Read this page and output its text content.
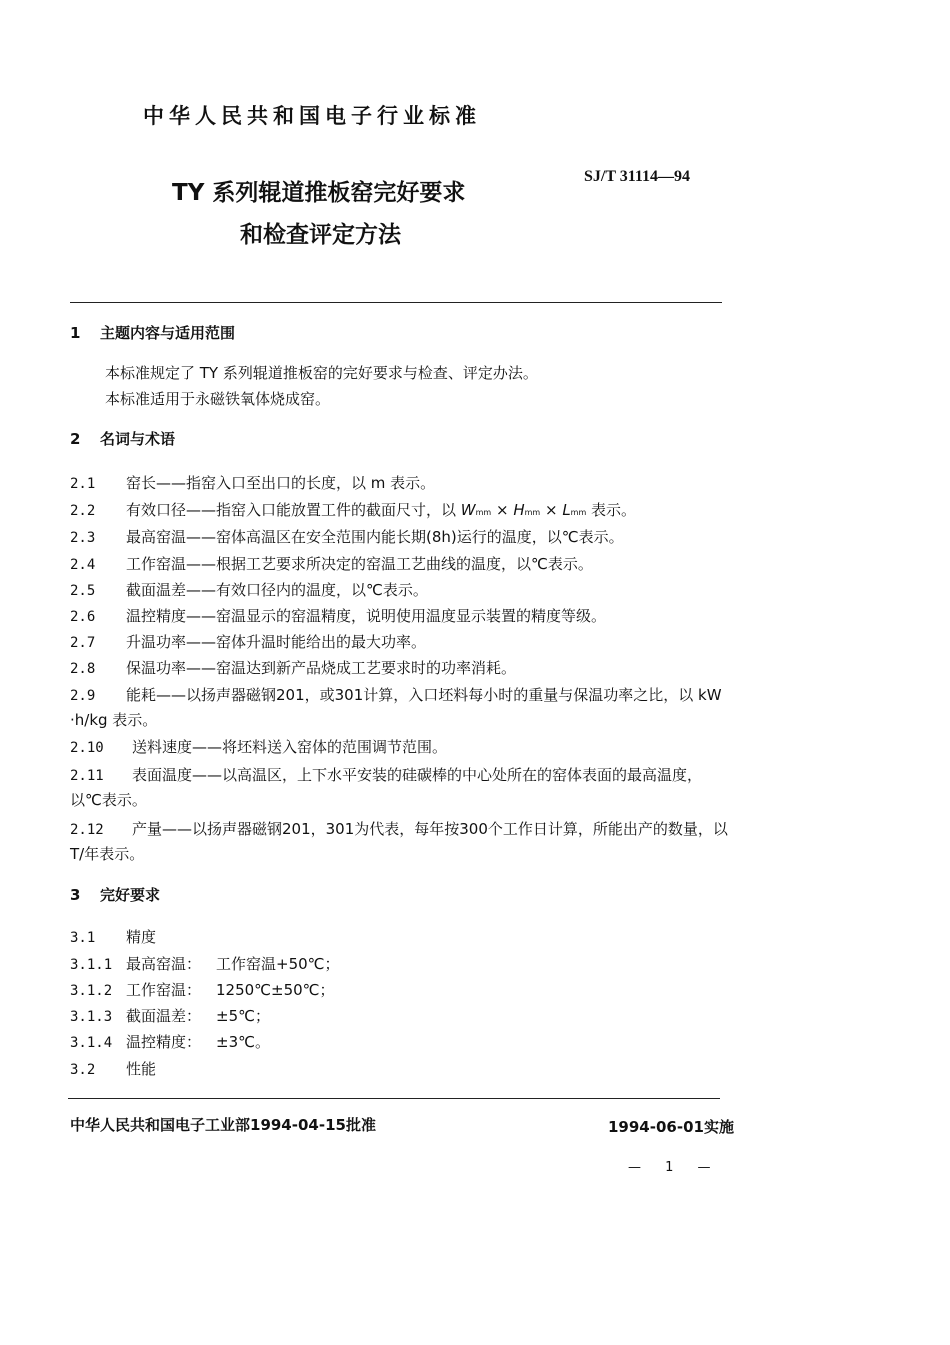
中华人民共和国电子行业标准
TY 系列辊道推板窑完好要求
和检查评定方法
SJ/T 31114—94
1 主题内容与适用范围
本标准规定了 TY 系列辊道推板窑的完好要求与检查、评定办法。
本标准适用于永磁铁氧体烧成窑。
2 名词与术语
2.1 窑长——指窑入口至出口的长度，以 m 表示。
2.2 有效口径——指窑入口能放置工件的截面尺寸，以 Wmm × Hmm × Lmm 表示。
2.3 最高窑温——窑体高温区在安全范围内能长期(8h)运行的温度，以℃表示。
2.4 工作窑温——根据工艺要求所决定的窑温工艺曲线的温度，以℃表示。
2.5 截面温差——有效口径内的温度，以℃表示。
2.6 温控精度——窑温显示的窑温精度，说明使用温度显示装置的精度等级。
2.7 升温功率——窑体升温时能给出的最大功率。
2.8 保温功率——窑温达到新产品烧成工艺要求时的功率消耗。
2.9 能耗——以扬声器磁钢201，或301计算，入口坯料每小时的重量与保温功率之比，以 kW
·h/kg 表示。
2.10 送料速度——将坯料送入窑体的范围调节范围。
2.11 表面温度——以高温区，上下水平安装的硅碳棒的中心处所在的窑体表面的最高温度，
以℃表示。
2.12 产量——以扬声器磁钢201，301为代表，每年按300个工作日计算，所能出产的数量，以
T/年表示。
3 完好要求
3.1 精度
3.1.1 最高窑温： 工作窑温+50℃；
3.1.2 工作窑温： 1250℃±50℃；
3.1.3 截面温差： ±5℃；
3.1.4 温控精度： ±3℃。
3.2 性能
中华人民共和国电子工业部1994-04-15批准	1994-06-01实施
— 1 —
